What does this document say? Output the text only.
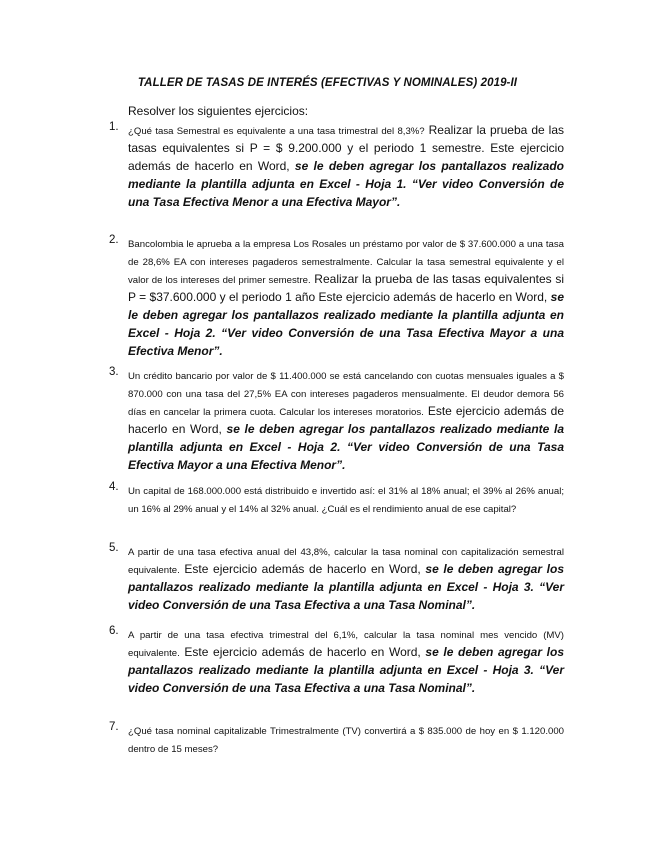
TALLER DE TASAS DE INTERÉS (EFECTIVAS Y NOMINALES) 2019-II
Resolver los siguientes ejercicios:
1. ¿Qué tasa Semestral es equivalente a una tasa trimestral del 8,3%? Realizar la prueba de las tasas equivalentes si P = $ 9.200.000 y el periodo 1 semestre. Este ejercicio además de hacerlo en Word, se le deben agregar los pantallazos realizado mediante la plantilla adjunta en Excel - Hoja 1. “Ver video Conversión de una Tasa Efectiva Menor a una Efectiva Mayor”.

2. Bancolombia le aprueba a la empresa Los Rosales un préstamo por valor de $ 37.600.000 a una tasa de 28,6% EA con intereses pagaderos semestralmente. Calcular la tasa semestral equivalente y el valor de los intereses del primer semestre. Realizar la prueba de las tasas equivalentes si P = $37.600.000 y el periodo 1 año Este ejercicio además de hacerlo en Word, se le deben agregar los pantallazos realizado mediante la plantilla adjunta en Excel - Hoja 2. “Ver video Conversión de una Tasa Efectiva Mayor a una Efectiva Menor”.

3. Un crédito bancario por valor de $ 11.400.000 se está cancelando con cuotas mensuales iguales a $ 870.000 con una tasa del 27,5% EA con intereses pagaderos mensualmente. El deudor demora 56 días en cancelar la primera cuota. Calcular los intereses moratorios. Este ejercicio además de hacerlo en Word, se le deben agregar los pantallazos realizado mediante la plantilla adjunta en Excel - Hoja 2. “Ver video Conversión de una Tasa Efectiva Mayor a una Efectiva Menor”.

4. Un capital de 168.000.000 está distribuido e invertido así: el 31% al 18% anual; el 39% al 26% anual; un 16% al 29% anual y el 14% al 32% anual. ¿Cuál es el rendimiento anual de ese capital?

5. A partir de una tasa efectiva anual del 43,8%, calcular la tasa nominal con capitalización semestral equivalente. Este ejercicio además de hacerlo en Word, se le deben agregar los pantallazos realizado mediante la plantilla adjunta en Excel - Hoja 3. “Ver video Conversión de una Tasa Efectiva a una Tasa Nominal”.

6. A partir de una tasa efectiva trimestral del 6,1%, calcular la tasa nominal mes vencido (MV) equivalente. Este ejercicio además de hacerlo en Word, se le deben agregar los pantallazos realizado mediante la plantilla adjunta en Excel - Hoja 3. “Ver video Conversión de una Tasa Efectiva a una Tasa Nominal”.

7. ¿Qué tasa nominal capitalizable Trimestralmente (TV) convertirá a $ 835.000 de hoy en $ 1.120.000 dentro de 15 meses?
